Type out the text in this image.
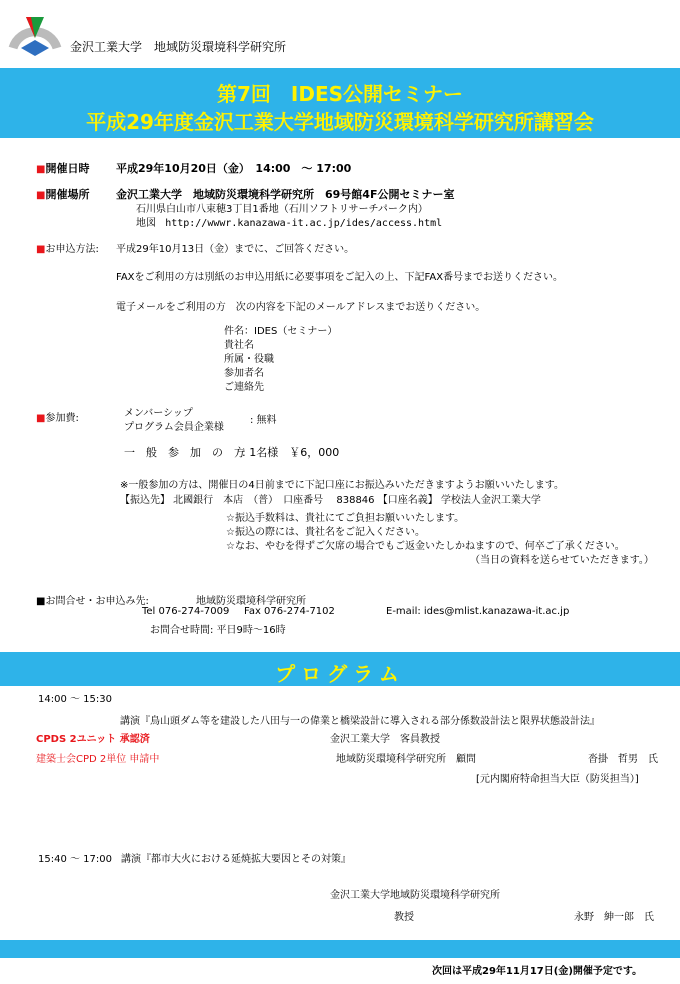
金沢工業大学　地域防災環境科学研究所
第7回　IDES公開セミナー
平成29年度金沢工業大学地域防災環境科学研究所講習会
■開催日時 平成29年10月20日（金）　14:00　～ 17:00
■開催場所 金沢工業大学　地域防災環境科学研究所　69号館4F公開セミナー室
石川県白山市八束穂3丁目1番地（石川ソフトリサーチパーク内）
地図 http://wwwr.kanazawa-it.ac.jp/ides/access.html
■お申込方法: 平成29年10月13日（金）までに、ご回答ください。
FAXをご利用の方は別紙のお申込用紙に必要事項をご記入の上、下記FAX番号までお送りください。
電子メールをご利用の方　次の内容を下記のメールアドレスまでお送りください。
件名：IDES（セミナー）
貴社名
所属・役職
参加者名
ご連絡先
■参加費:	メンバーシップ
プログラム会員企業様
: 無料
一　般　参　加　の　方
: 1名様　￥6，000
※一般参加の方は、開催日の4日前までに下記口座にお振込みいただきますようお願いいたします。
【振込先】 北國銀行　本店　（普）　口座番号　 838846 【口座名義】 学校法人金沢工業大学
☆振込手数料は、貴社にてご負担お願いいたします。
☆振込の際には、貴社名をご記入ください。
☆なお、やむを得ずご欠席の場合でもご返金いたしかねますので、何卒ご了承ください。
（当日の資料を送らせていただきます。）
■お問合せ・お申込み先:	地域防災環境科学研究所
Tel 076-274-7009 Fax 076-274-7102	E-mail: ides@mlist.kanazawa-it.ac.jp
お問合せ時間: 平日9時～16時
プログラム
14:00 ～ 15:30
講演『鳥山頭ダム等を建設した八田与一の偉業と橋梁設計に導入される部分係数設計法と限界状態設計法』
CPDS 2ユニット 承認済	金沢工業大学　客員教授
建築士会CPD 2単位 申請中	地域防災環境科学研究所　顧問	沓掛　哲男　氏
[元内閣府特命担当大臣（防災担当）]
15:40 ～ 17:00 講演『都市大火における延焼拡大要因とその対策』
金沢工業大学地域防災環境科学研究所
教授	永野　紳一郎　氏
次回は平成29年11月17日(金)開催予定です。
